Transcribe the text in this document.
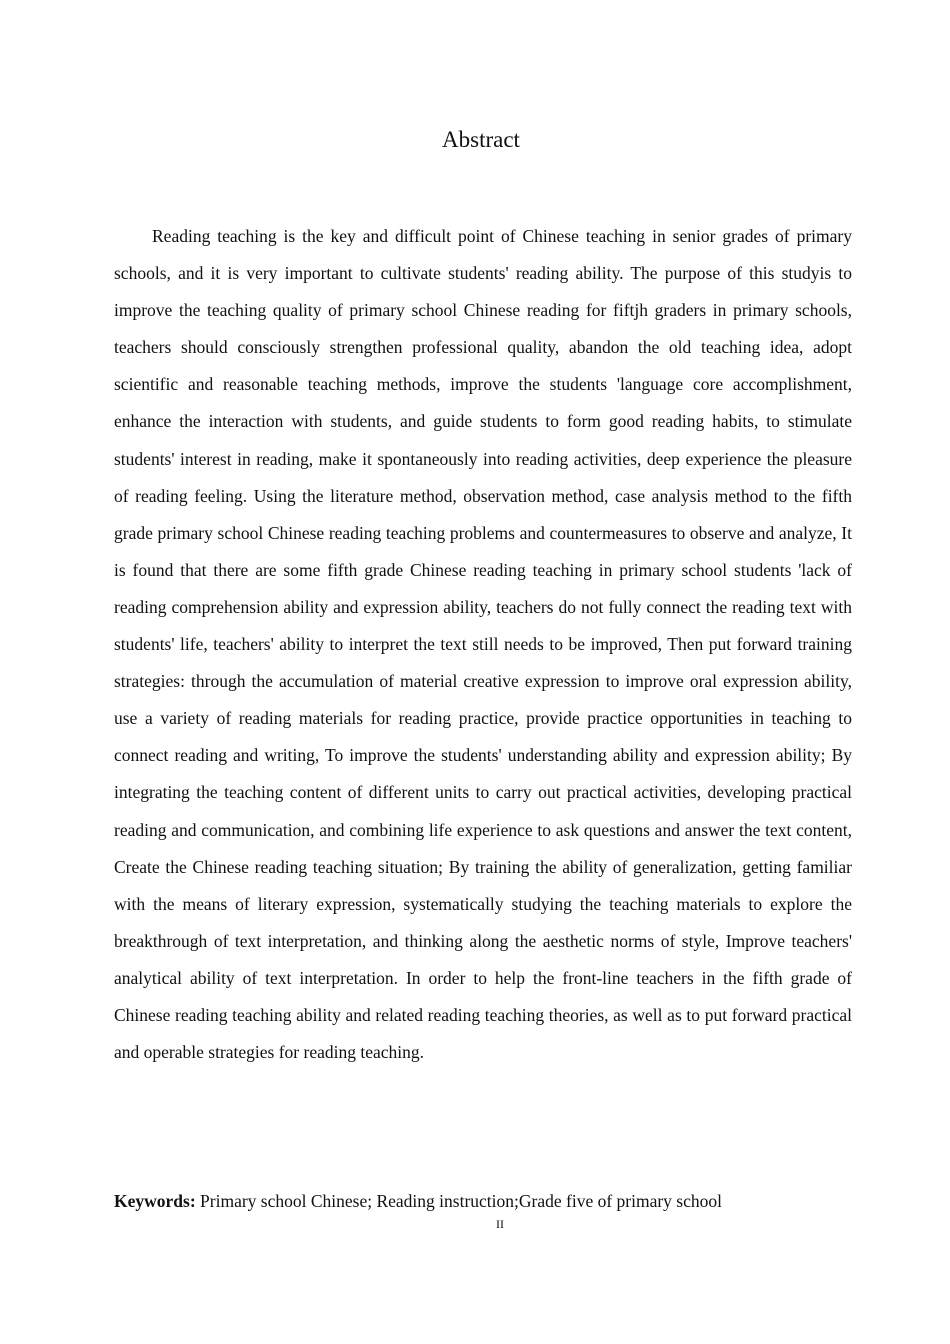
Abstract

Reading teaching is the key and difficult point of Chinese teaching in senior grades of primary schools, and it is very important to cultivate students' reading ability. The purpose of this studyis to improve the teaching quality of primary school Chinese reading for fiftjh graders in primary schools, teachers should consciously strengthen professional quality, abandon the old teaching idea, adopt scientific and reasonable teaching methods, improve the students 'language core accomplishment, enhance the interaction with students, and guide students to form good reading habits, to stimulate students' interest in reading, make it spontaneously into reading activities, deep experience the pleasure of reading feeling. Using the literature method, observation method, case analysis method to the fifth grade primary school Chinese reading teaching problems and countermeasures to observe and analyze, It is found that there are some fifth grade Chinese reading teaching in primary school students 'lack of reading comprehension ability and expression ability, teachers do not fully connect the reading text with students' life, teachers' ability to interpret the text still needs to be improved, Then put forward training strategies: through the accumulation of material creative expression to improve oral expression ability, use a variety of reading materials for reading practice, provide practice opportunities in teaching to connect reading and writing, To improve the students' understanding ability and expression ability; By integrating the teaching content of different units to carry out practical activities, developing practical reading and communication, and combining life experience to ask questions and answer the text content, Create the Chinese reading teaching situation; By training the ability of generalization, getting familiar with the means of literary expression, systematically studying the teaching materials to explore the breakthrough of text interpretation, and thinking along the aesthetic norms of style, Improve teachers' analytical ability of text interpretation. In order to help the front-line teachers in the fifth grade of Chinese reading teaching ability and related reading teaching theories, as well as to put forward practical and operable strategies for reading teaching.

Keywords: Primary school Chinese; Reading instruction;Grade five of primary school

II
